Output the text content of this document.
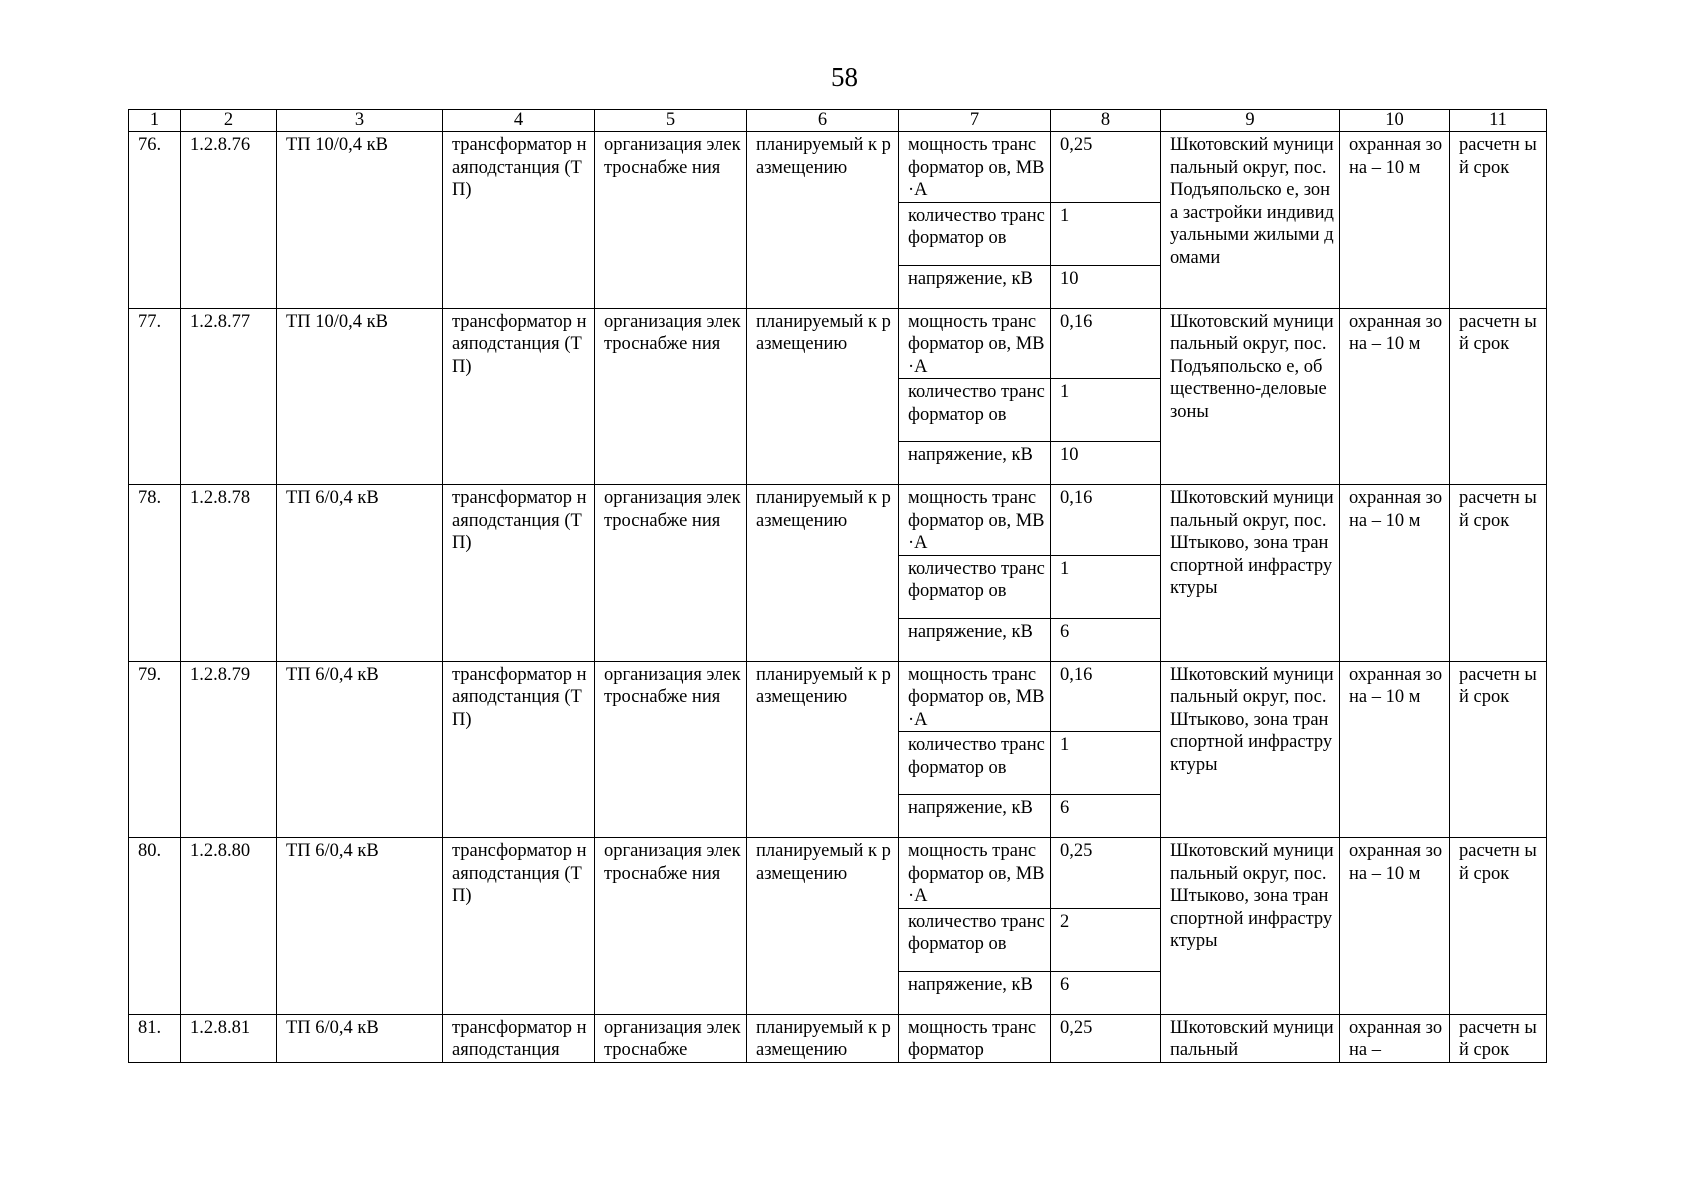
58
1	2	3	4	5	6	7	8	9	10	11
76.	1.2.8.76	ТП 10/0,4 кВ	трансформатор наяподстанция (ТП)	организация электроснабже ния	планируемый к размещению	мощность трансформатор ов, МВ·А	0,25	Шкотовский муниципальный округ, пос. Подъяпольско е, зона застройки индивидуальными жилыми домами	охранная зона – 10 м	расчетн ый срок
						количество трансформатор ов	1			
						напряжение, кВ	10			
77.	1.2.8.77	ТП 10/0,4 кВ	трансформатор наяподстанция (ТП)	организация электроснабже ния	планируемый к размещению	мощность трансформатор ов, МВ·А	0,16	Шкотовский муниципальный округ, пос. Подъяпольско е, общественно-деловые зоны	охранная зона – 10 м	расчетн ый срок
						количество трансформатор ов	1			
						напряжение, кВ	10			
78.	1.2.8.78	ТП 6/0,4 кВ	трансформатор наяподстанция (ТП)	организация электроснабже ния	планируемый к размещению	мощность трансформатор ов, МВ·А	0,16	Шкотовский муниципальный округ, пос. Штыково, зона транспортной инфраструктуры	охранная зона – 10 м	расчетн ый срок
						количество трансформатор ов	1			
						напряжение, кВ	6			
79.	1.2.8.79	ТП 6/0,4 кВ	трансформатор наяподстанция (ТП)	организация электроснабже ния	планируемый к размещению	мощность трансформатор ов, МВ·А	0,16	Шкотовский муниципальный округ, пос. Штыково, зона транспортной инфраструктуры	охранная зона – 10 м	расчетн ый срок
						количество трансформатор ов	1			
						напряжение, кВ	6			
80.	1.2.8.80	ТП 6/0,4 кВ	трансформатор наяподстанция (ТП)	организация электроснабже ния	планируемый к размещению	мощность трансформатор ов, МВ·А	0,25	Шкотовский муниципальный округ, пос. Штыково, зона транспортной инфраструктуры	охранная зона – 10 м	расчетн ый срок
						количество трансформатор ов	2			
						напряжение, кВ	6			
81.	1.2.8.81	ТП 6/0,4 кВ	трансформатор наяподстанция	организация электроснабже	планируемый к размещению	мощность трансформатор	0,25	Шкотовский муниципальный	охранная зона –	расчетн ый срок
